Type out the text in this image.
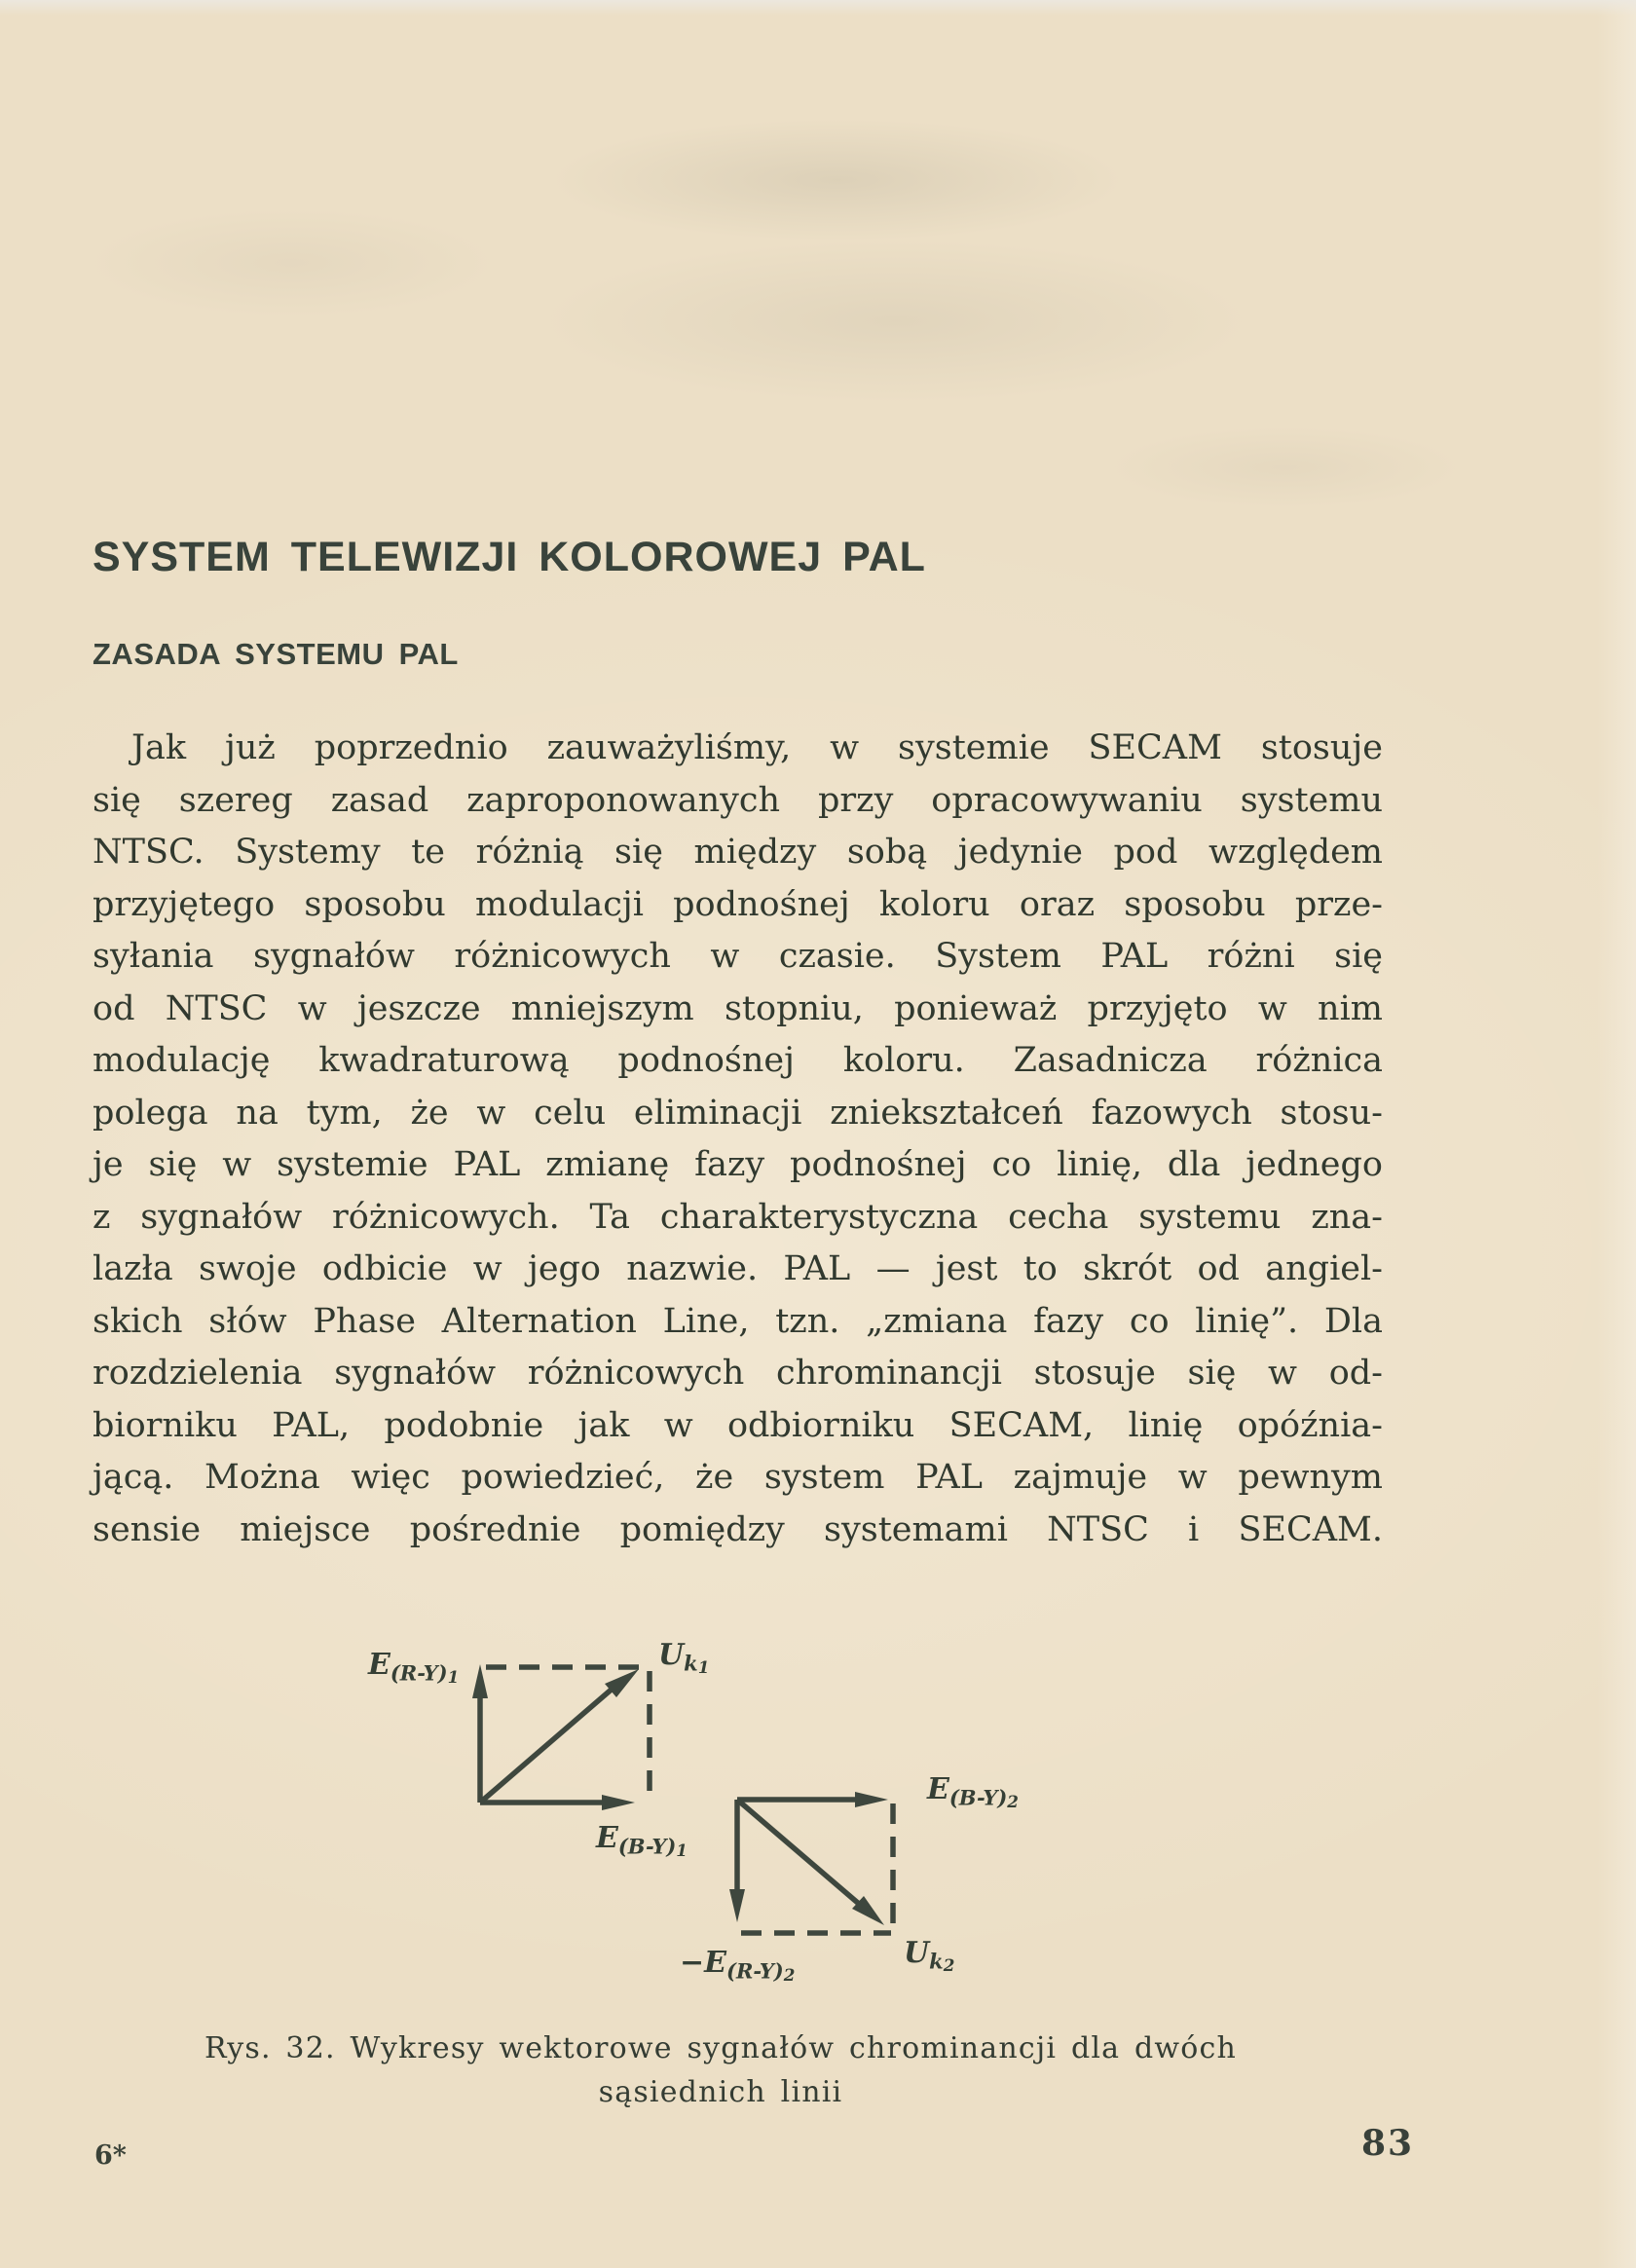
SYSTEM TELEWIZJI KOLOROWEJ PAL
ZASADA SYSTEMU PAL
Jak już poprzednio zauważyliśmy, w systemie SECAM stosuje
się szereg zasad zaproponowanych przy opracowywaniu systemu
NTSC. Systemy te różnią się między sobą jedynie pod względem
przyjętego sposobu modulacji podnośnej koloru oraz sposobu prze-
syłania sygnałów różnicowych w czasie. System PAL różni się
od NTSC w jeszcze mniejszym stopniu, ponieważ przyjęto w nim
modulację kwadraturową podnośnej koloru. Zasadnicza różnica
polega na tym, że w celu eliminacji zniekształceń fazowych stosu-
je się w systemie PAL zmianę fazy podnośnej co linię, dla jednego
z sygnałów różnicowych. Ta charakterystyczna cecha systemu zna-
lazła swoje odbicie w jego nazwie. PAL — jest to skrót od angiel-
skich słów Phase Alternation Line, tzn. „zmiana fazy co linię”. Dla
rozdzielenia sygnałów różnicowych chrominancji stosuje się w od-
biorniku PAL, podobnie jak w odbiorniku SECAM, linię opóźnia-
jącą. Można więc powiedzieć, że system PAL zajmuje w pewnym
sensie miejsce pośrednie pomiędzy systemami NTSC i SECAM.
$E_{(R-Y)1}$
$U_{k1}$
$E_{(B-Y)1}$
$E_{(B-Y)2}$
$-E_{(R-Y)2}$
$U_{k2}$
Rys. 32. Wykresy wektorowe sygnałów chrominancji dla dwóch
sąsiednich linii
6*	83
